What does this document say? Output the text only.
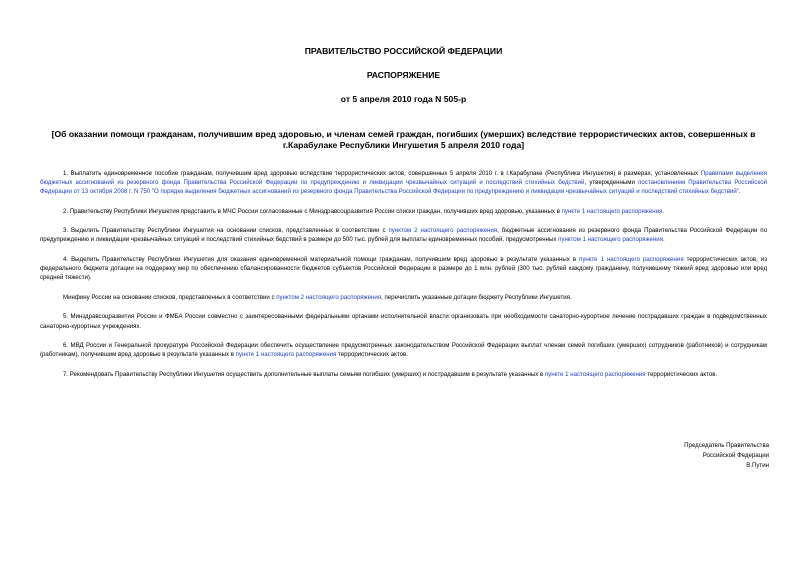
ПРАВИТЕЛЬСТВО РОССИЙСКОЙ ФЕДЕРАЦИИ
РАСПОРЯЖЕНИЕ
от 5 апреля 2010 года N 505-р
[Об оказании помощи гражданам, получившим вред здоровью, и членам семей граждан, погибших (умерших) вследствие террористических актов, совершенных в г.Карабулаке Республики Ингушетия 5 апреля 2010 года]

1. Выплатить единовременное пособие гражданам, получившим вред здоровью вследствие террористических актов, совершенных 5 апреля 2010 г. в г.Карабулаке (Республика Ингушетия) в размерах, установленных Правилами выделения бюджетных ассигнований из резервного фонда Правительства Российской Федерации по предупреждению и ликвидации чрезвычайных ситуаций и последствий стихийных бедствий, утвержденными постановлением Правительства Российской Федерации от 13 октября 2008 г. N 750 "О порядке выделения бюджетных ассигнований из резервного фонда Правительства Российской Федерации по предупреждению и ликвидации чрезвычайных ситуаций и последствий стихийных бедствий".

2. Правительству Республики Ингушетия представить в МЧС России согласованные с Минздравсоцразвития России списки граждан, получивших вред здоровью, указанных в пункте 1 настоящего распоряжения.

3. Выделить Правительству Республики Ингушетия на основании списков, представленных в соответствии с пунктом 2 настоящего распоряжения, бюджетные ассигнования из резервного фонда Правительства Российской Федерации по предупреждению и ликвидации чрезвычайных ситуаций и последствий стихийных бедствий в размере до 500 тыс. рублей для выплаты единовременных пособий, предусмотренных пунктом 1 настоящего распоряжения.

4. Выделить Правительству Республики Ингушетия для оказания единовременной материальной помощи гражданам, получившим вред здоровью в результате указанных в пункте 1 настоящего распоряжения террористических актов, из федерального бюджета дотации на поддержку мер по обеспечению сбалансированности бюджетов субъектов Российской Федерации в размере до 1 млн. рублей (300 тыс. рублей каждому гражданину, получившему тяжкий вред здоровью или вред средней тяжести).

Минфину России на основании списков, представленных в соответствии с пунктом 2 настоящего распоряжения, перечислить указанные дотации бюджету Республики Ингушетия.

5. Минздравсоцразвития России и ФМБА России совместно с заинтересованными федеральными органами исполнительной власти организовать при необходимости санаторно-курортное лечение пострадавших граждан в подведомственных санаторно-курортных учреждениях.

6. МВД России и Генеральной прокуратуре Российской Федерации обеспечить осуществление предусмотренных законодательством Российской Федерации выплат членам семей погибших (умерших) сотрудников (работников) и сотрудникам (работникам), получившим вред здоровью в результате указанных в пункте 1 настоящего распоряжения террористических актов.

7. Рекомендовать Правительству Республики Ингушетия осуществить дополнительные выплаты семьям погибших (умерших) и пострадавшим в результате указанных в пункте 1 настоящего распоряжения террористических актов.

Председатель Правительства
Российской Федерации
В.Путин
